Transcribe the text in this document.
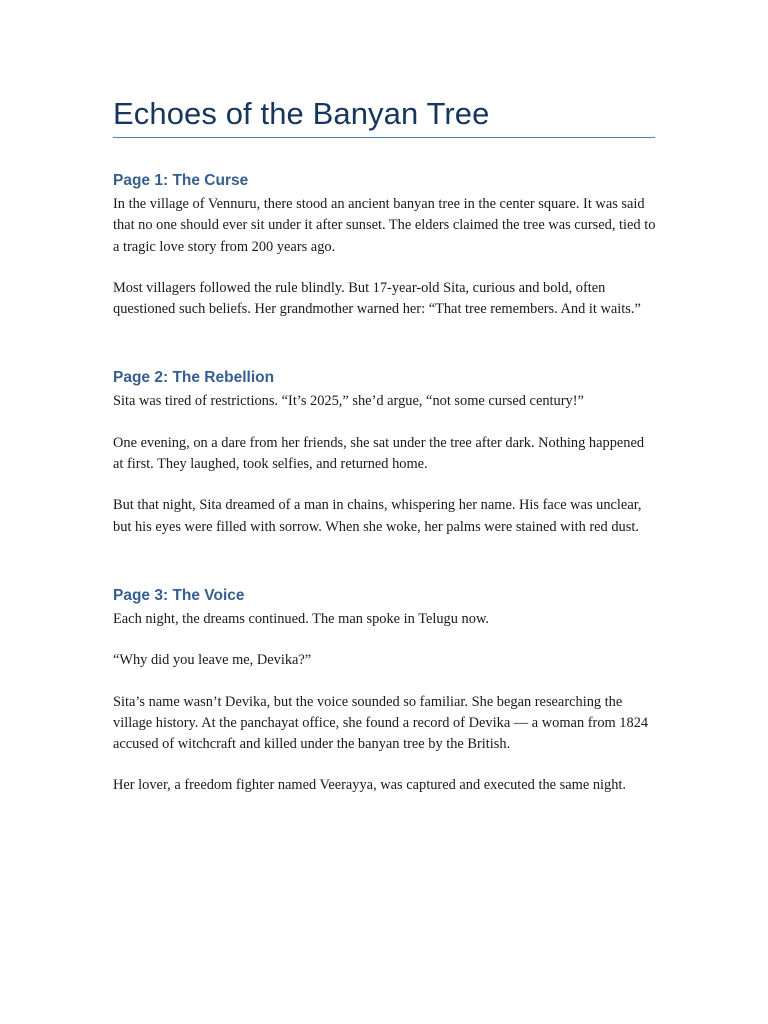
Echoes of the Banyan Tree
Page 1: The Curse

In the village of Vennuru, there stood an ancient banyan tree in the center square. It was said that no one should ever sit under it after sunset. The elders claimed the tree was cursed, tied to a tragic love story from 200 years ago.

Most villagers followed the rule blindly. But 17-year-old Sita, curious and bold, often questioned such beliefs. Her grandmother warned her: “That tree remembers. And it waits.”

Page 2: The Rebellion

Sita was tired of restrictions. “It’s 2025,” she’d argue, “not some cursed century!”

One evening, on a dare from her friends, she sat under the tree after dark. Nothing happened at first. They laughed, took selfies, and returned home.

But that night, Sita dreamed of a man in chains, whispering her name. His face was unclear, but his eyes were filled with sorrow. When she woke, her palms were stained with red dust.

Page 3: The Voice

Each night, the dreams continued. The man spoke in Telugu now.

“Why did you leave me, Devika?”

Sita’s name wasn’t Devika, but the voice sounded so familiar. She began researching the village history. At the panchayat office, she found a record of Devika — a woman from 1824 accused of witchcraft and killed under the banyan tree by the British.

Her lover, a freedom fighter named Veerayya, was captured and executed the same night.
